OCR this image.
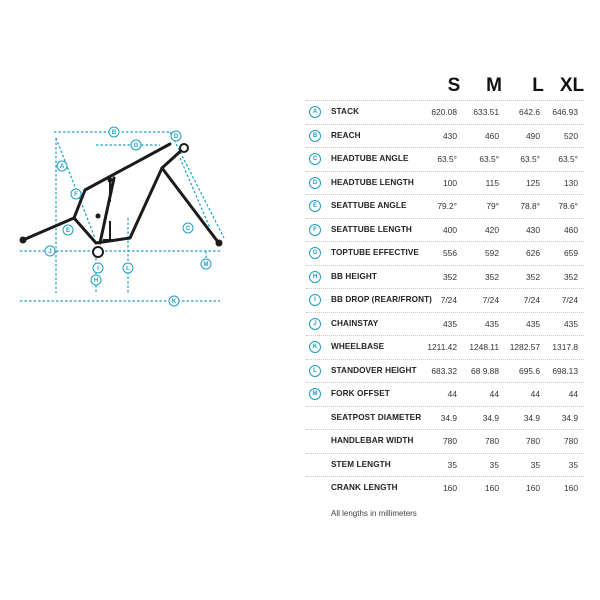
B
G
D
A
F
E	C
J
I
H
L
M
K
S	M	L XL
A	STACK	620.08	633.51	642.6	646.93
B	REACH	430	460	490	520
C	HEADTUBE ANGLE	63.5°	63.5°	63.5°	63.5°
D	HEADTUBE LENGTH	100	115	125	130
E	SEATTUBE ANGLE	79.2°	79°	78.8°	78.6°
F	SEATTUBE LENGTH	400	420	430	460
G	TOPTUBE EFFECTIVE	556	592	626	659
H	BB HEIGHT	352	352	352	352
I	BB DROP (REAR/FRONT)	7/24	7/24	7/24	7/24
J	CHAINSTAY	435	435	435	435
K	WHEELBASE	1211.42	1248.11	1282.57	1317.8
L	STANDOVER HEIGHT	683.32	68 9.88	695.6	698.13
M	FORK OFFSET	44	44	44	44
SEATPOST DIAMETER	34.9	34.9	34.9	34.9
HANDLEBAR WIDTH	780	780	780	780
STEM LENGTH	35	35	35	35
CRANK LENGTH	160	160	160	160
All lengths in millimeters
